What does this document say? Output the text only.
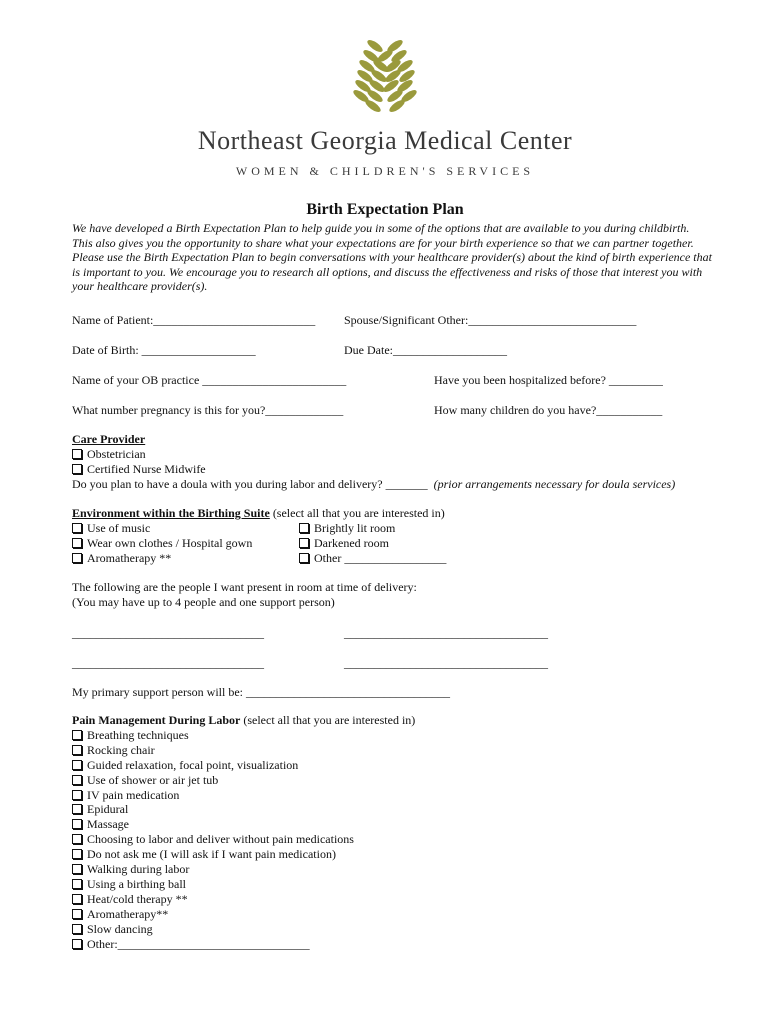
Northeast Georgia Medical Center
WOMEN & CHILDREN'S SERVICES
Birth Expectation Plan
We have developed a Birth Expectation Plan to help guide you in some of the options that are available to you during childbirth. This also gives you the opportunity to share what your expectations are for your birth experience so that we can partner together. Please use the Birth Expectation Plan to begin conversations with your healthcare provider(s) about the kind of birth experience that is important to you. We encourage you to research all options, and discuss the effectiveness and risks of those that interest you with your healthcare provider(s).
Name of Patient:___________________________ Spouse/Significant Other:____________________________
Date of Birth: ___________________	Due Date:___________________
Name of your OB practice ________________________	Have you been hospitalized before? _________
What number pregnancy is this for you?_____________	How many children do you have?___________
Care Provider
Obstetrician
Certified Nurse Midwife
Do you plan to have a doula with you during labor and delivery? _______ (prior arrangements necessary for doula services)
Environment within the Birthing Suite (select all that you are interested in)
Use of music
Wear own clothes / Hospital gown
Aromatherapy **
Brightly lit room
Darkened room
Other _________________
The following are the people I want present in room at time of delivery:
(You may have up to 4 people and one support person)
________________________________	__________________________________
________________________________	__________________________________
My primary support person will be: __________________________________
Pain Management During Labor (select all that you are interested in)
Breathing techniques
Rocking chair
Guided relaxation, focal point, visualization
Use of shower or air jet tub
IV pain medication
Epidural
Massage
Choosing to labor and deliver without pain medications
Do not ask me (I will ask if I want pain medication)
Walking during labor
Using a birthing ball
Heat/cold therapy **
Aromatherapy**
Slow dancing
Other:________________________________
